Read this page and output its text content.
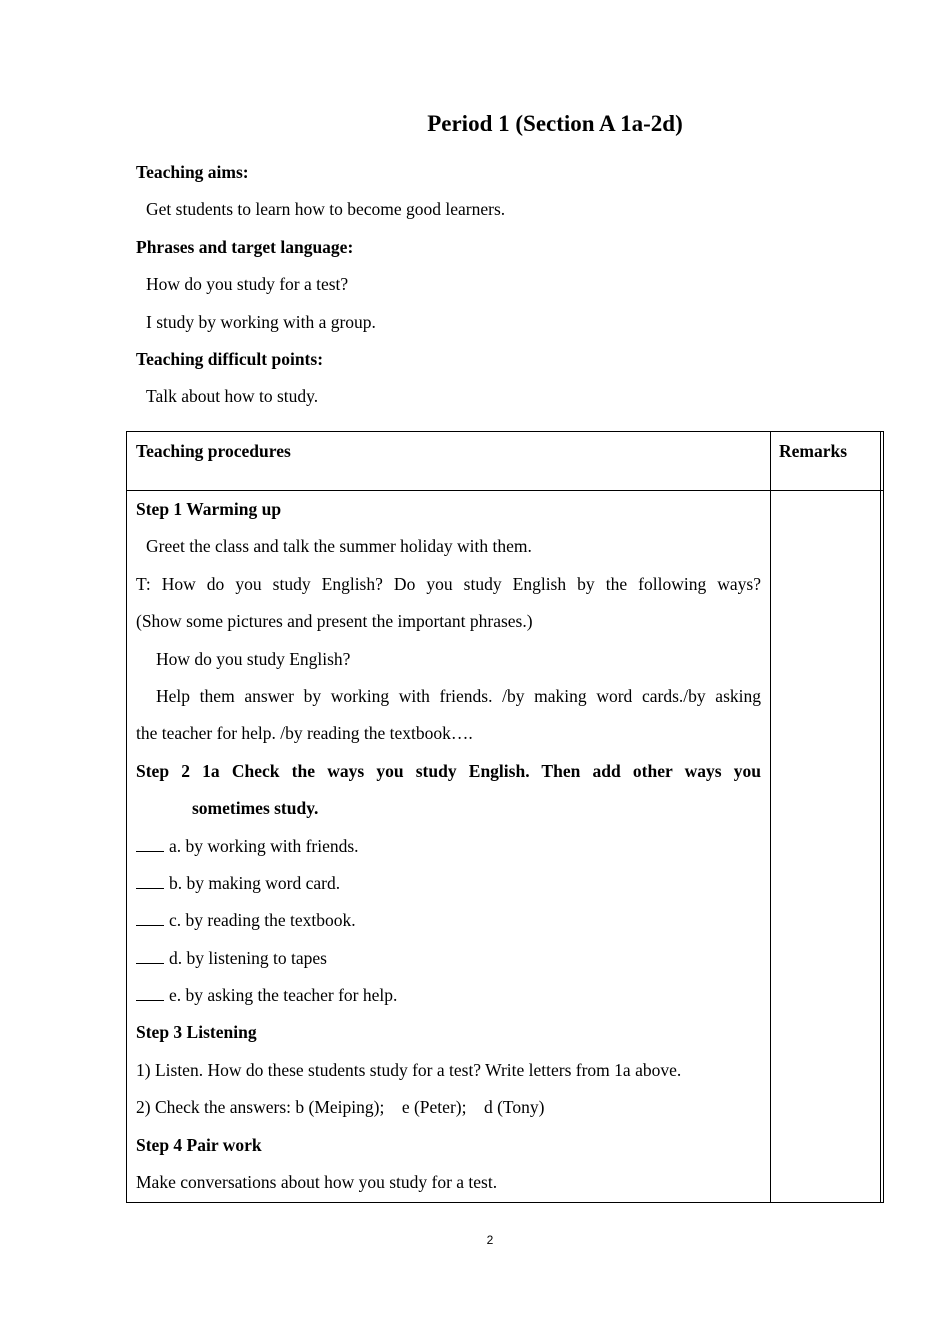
Period 1 (Section A 1a-2d)
Teaching aims:
Get students to learn how to become good learners.
Phrases and target language:
How do you study for a test?
I study by working with a group.
Teaching difficult points:
Talk about how to study.
Teaching procedures	Remarks
Step 1 Warming up
Greet the class and talk the summer holiday with them.
T: How do you study English? Do you study English by the following ways?
(Show some pictures and present the important phrases.)
How do you study English?
Help them answer by working with friends. /by making word cards./by asking
the teacher for help. /by reading the textbook….
Step 2 1a Check the ways you study English. Then add other ways you
sometimes study.
a. by working with friends.
b. by making word card.
c. by reading the textbook.
d. by listening to tapes
e. by asking the teacher for help.
Step 3 Listening
1) Listen. How do these students study for a test? Write letters from 1a above.
2) Check the answers: b (Meiping);    e (Peter);    d (Tony)
Step 4 Pair work
Make conversations about how you study for a test.
2
